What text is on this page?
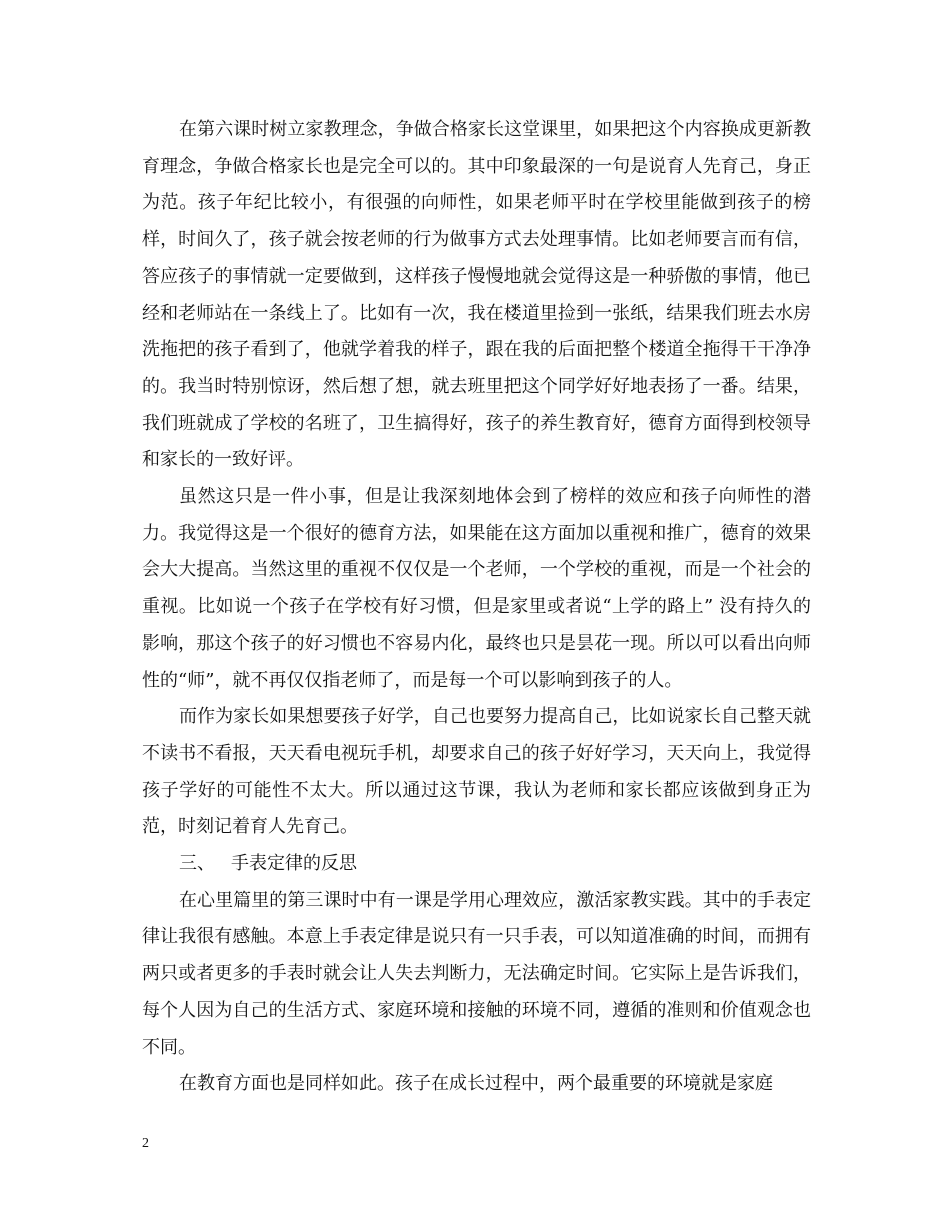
在第六课时树立家教理念，争做合格家长这堂课里，如果把这个内容换成更新教育理念，争做合格家长也是完全可以的。其中印象最深的一句是说育人先育己，身正为范。孩子年纪比较小，有很强的向师性，如果老师平时在学校里能做到孩子的榜样，时间久了，孩子就会按老师的行为做事方式去处理事情。比如老师要言而有信，答应孩子的事情就一定要做到，这样孩子慢慢地就会觉得这是一种骄傲的事情，他已经和老师站在一条线上了。比如有一次，我在楼道里捡到一张纸，结果我们班去水房洗拖把的孩子看到了，他就学着我的样子，跟在我的后面把整个楼道全拖得干干净净的。我当时特别惊讶，然后想了想，就去班里把这个同学好好地表扬了一番。结果，我们班就成了学校的名班了，卫生搞得好，孩子的养生教育好，德育方面得到校领导和家长的一致好评。

虽然这只是一件小事，但是让我深刻地体会到了榜样的效应和孩子向师性的潜力。我觉得这是一个很好的德育方法，如果能在这方面加以重视和推广，德育的效果会大大提高。当然这里的重视不仅仅是一个老师，一个学校的重视，而是一个社会的重视。比如说一个孩子在学校有好习惯，但是家里或者说“上学的路上” 没有持久的影响，那这个孩子的好习惯也不容易内化，最终也只是昙花一现。所以可以看出向师性的“师”，就不再仅仅指老师了，而是每一个可以影响到孩子的人。

而作为家长如果想要孩子好学，自己也要努力提高自己，比如说家长自己整天就不读书不看报，天天看电视玩手机，却要求自己的孩子好好学习，天天向上，我觉得孩子学好的可能性不太大。所以通过这节课，我认为老师和家长都应该做到身正为范，时刻记着育人先育己。

三、 手表定律的反思

在心里篇里的第三课时中有一课是学用心理效应，激活家教实践。其中的手表定律让我很有感触。本意上手表定律是说只有一只手表，可以知道准确的时间，而拥有两只或者更多的手表时就会让人失去判断力，无法确定时间。它实际上是告诉我们，每个人因为自己的生活方式、家庭环境和接触的环境不同，遵循的准则和价值观念也不同。

在教育方面也是同样如此。孩子在成长过程中，两个最重要的环境就是家庭

2
